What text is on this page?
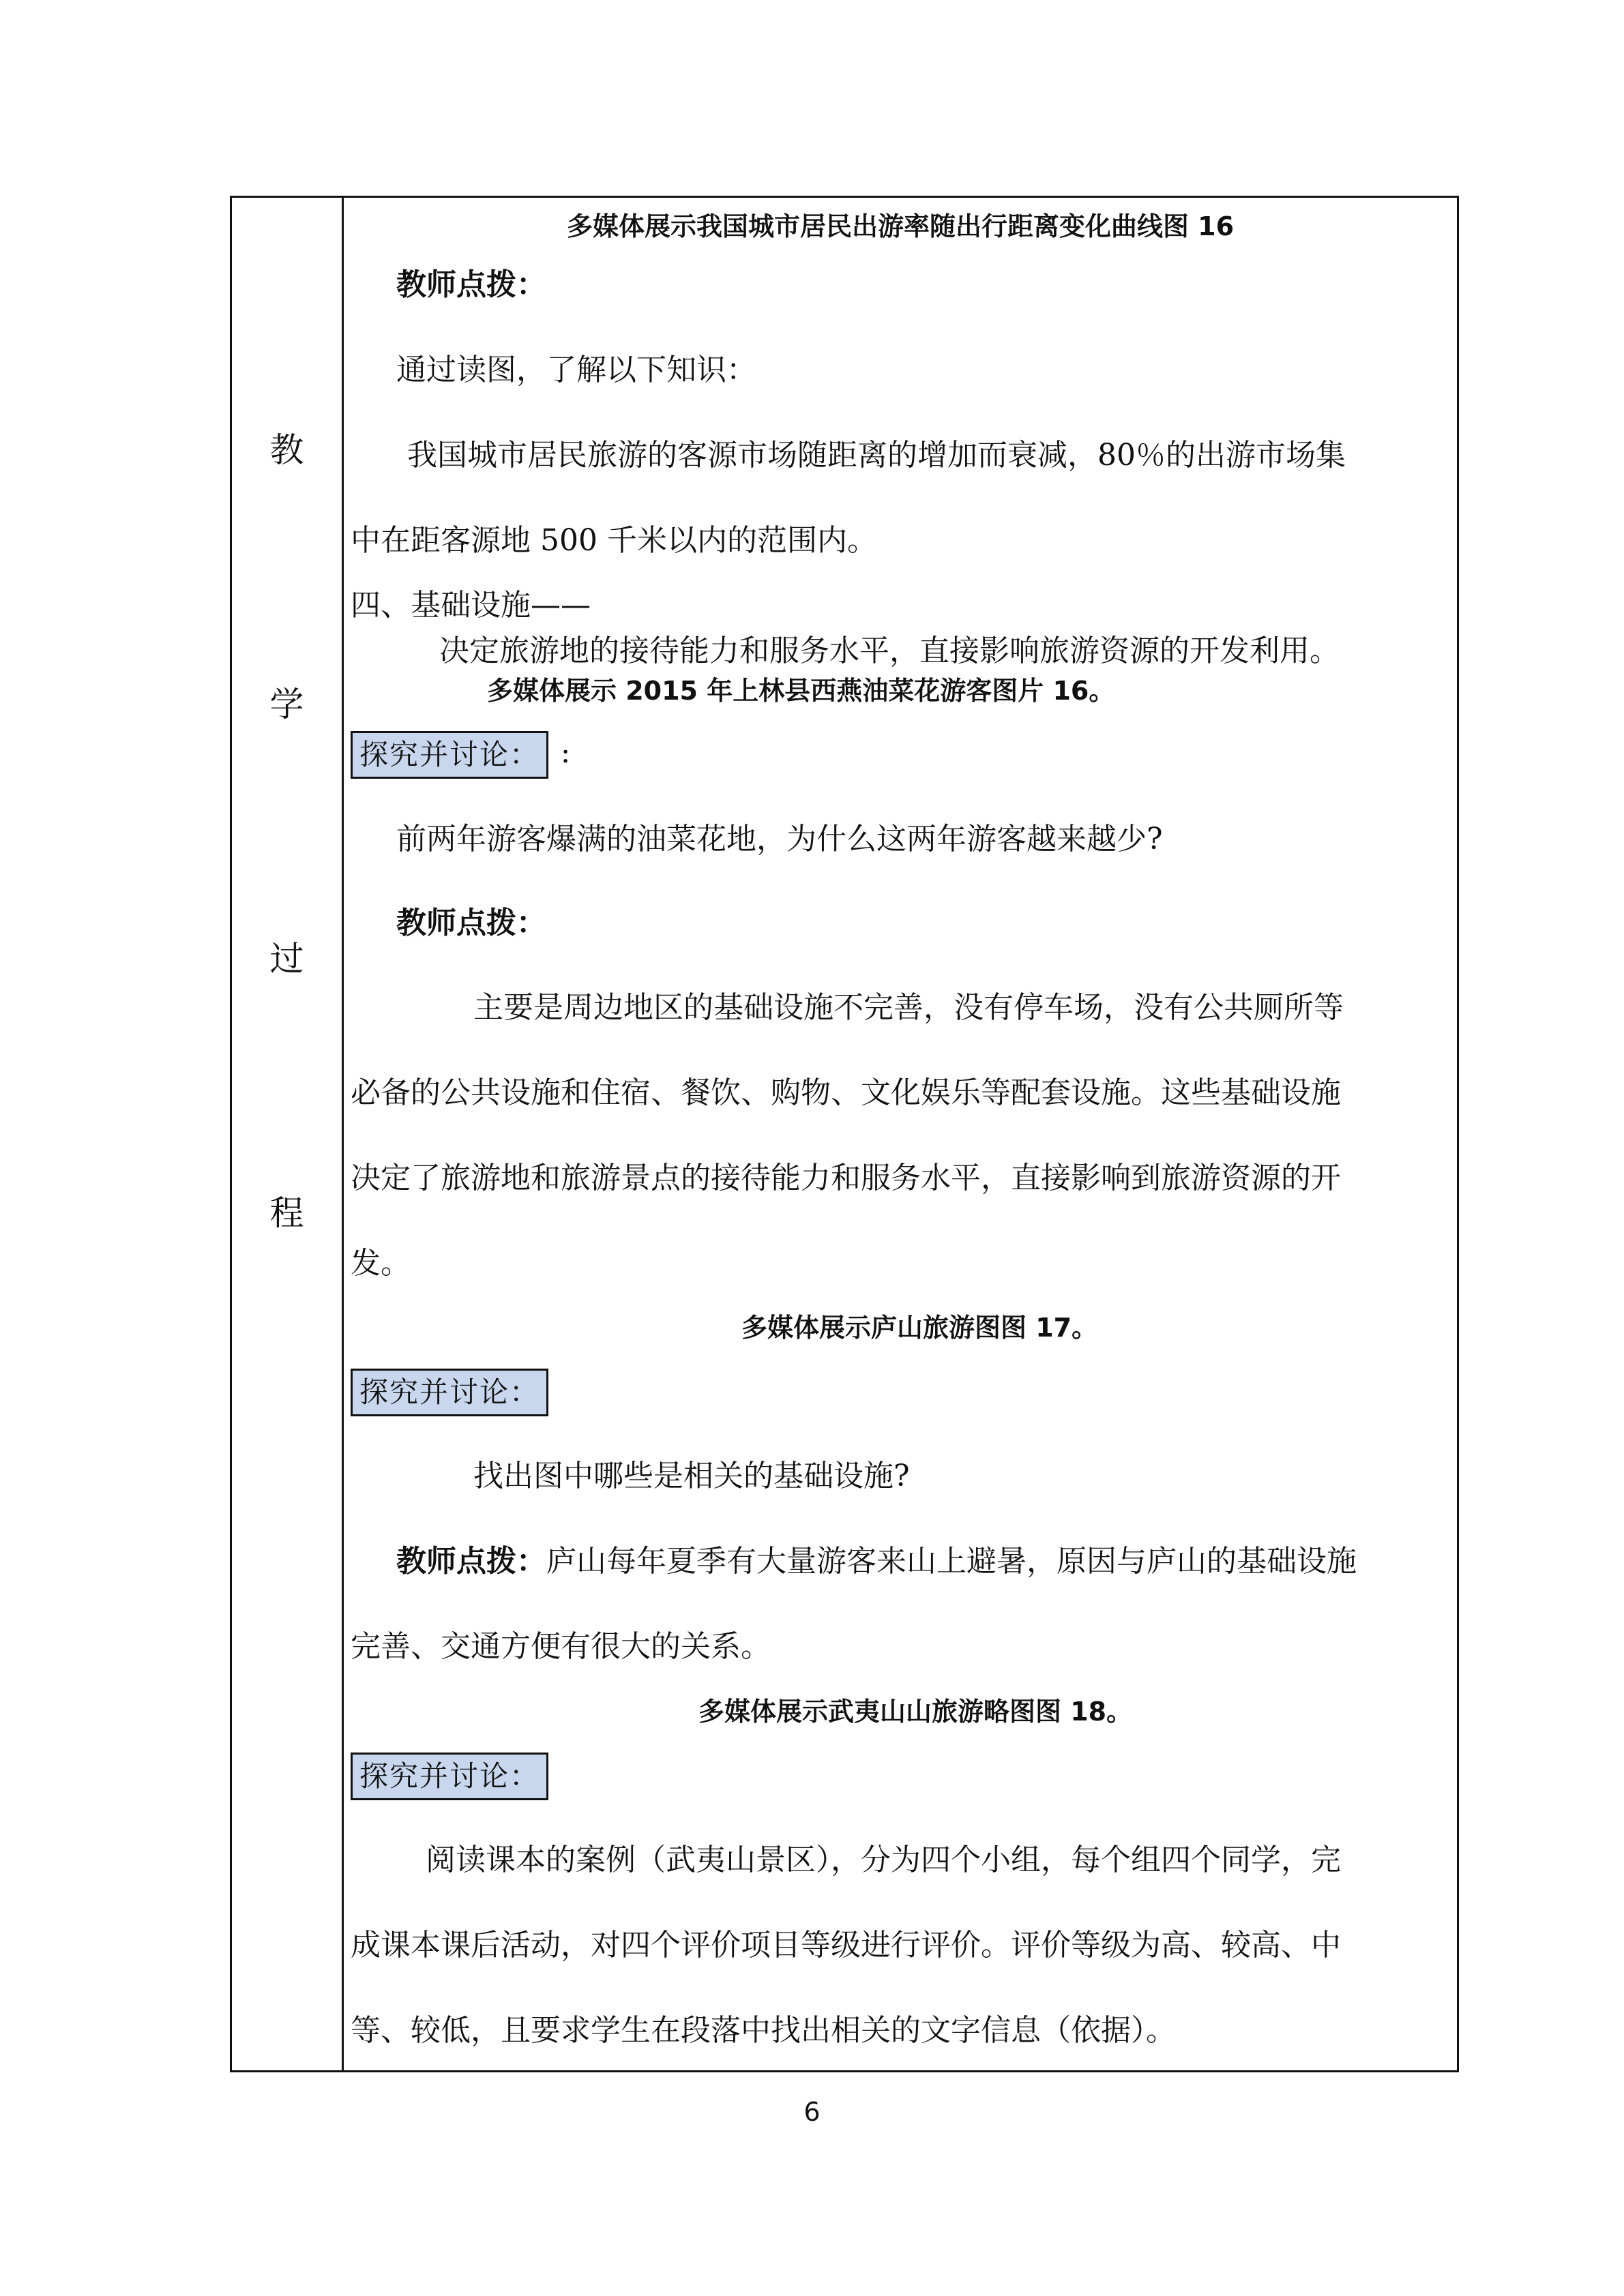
教
学
过
程
多媒体展示我国城市居民出游率随出行距离变化曲线图 16
教师点拨：
通过读图，了解以下知识：
我国城市居民旅游的客源市场随距离的增加而衰减，80％的出游市场集
中在距客源地 500 千米以内的范围内。
四、基础设施——
决定旅游地的接待能力和服务水平，直接影响旅游资源的开发利用。
多媒体展示 2015 年上林县西燕油菜花游客图片 16。
探究并讨论： :
前两年游客爆满的油菜花地，为什么这两年游客越来越少?
教师点拨：
主要是周边地区的基础设施不完善，没有停车场，没有公共厕所等
必备的公共设施和住宿、餐饮、购物、文化娱乐等配套设施。这些基础设施
决定了旅游地和旅游景点的接待能力和服务水平，直接影响到旅游资源的开
发。
多媒体展示庐山旅游图图 17。
探究并讨论：
找出图中哪些是相关的基础设施?
教师点拨：庐山每年夏季有大量游客来山上避暑，原因与庐山的基础设施
完善、交通方便有很大的关系。
多媒体展示武夷山山旅游略图图 18。
探究并讨论：
阅读课本的案例（武夷山景区），分为四个小组，每个组四个同学，完
成课本课后活动，对四个评价项目等级进行评价。评价等级为高、较高、中
等、较低，且要求学生在段落中找出相关的文字信息（依据）。
6
